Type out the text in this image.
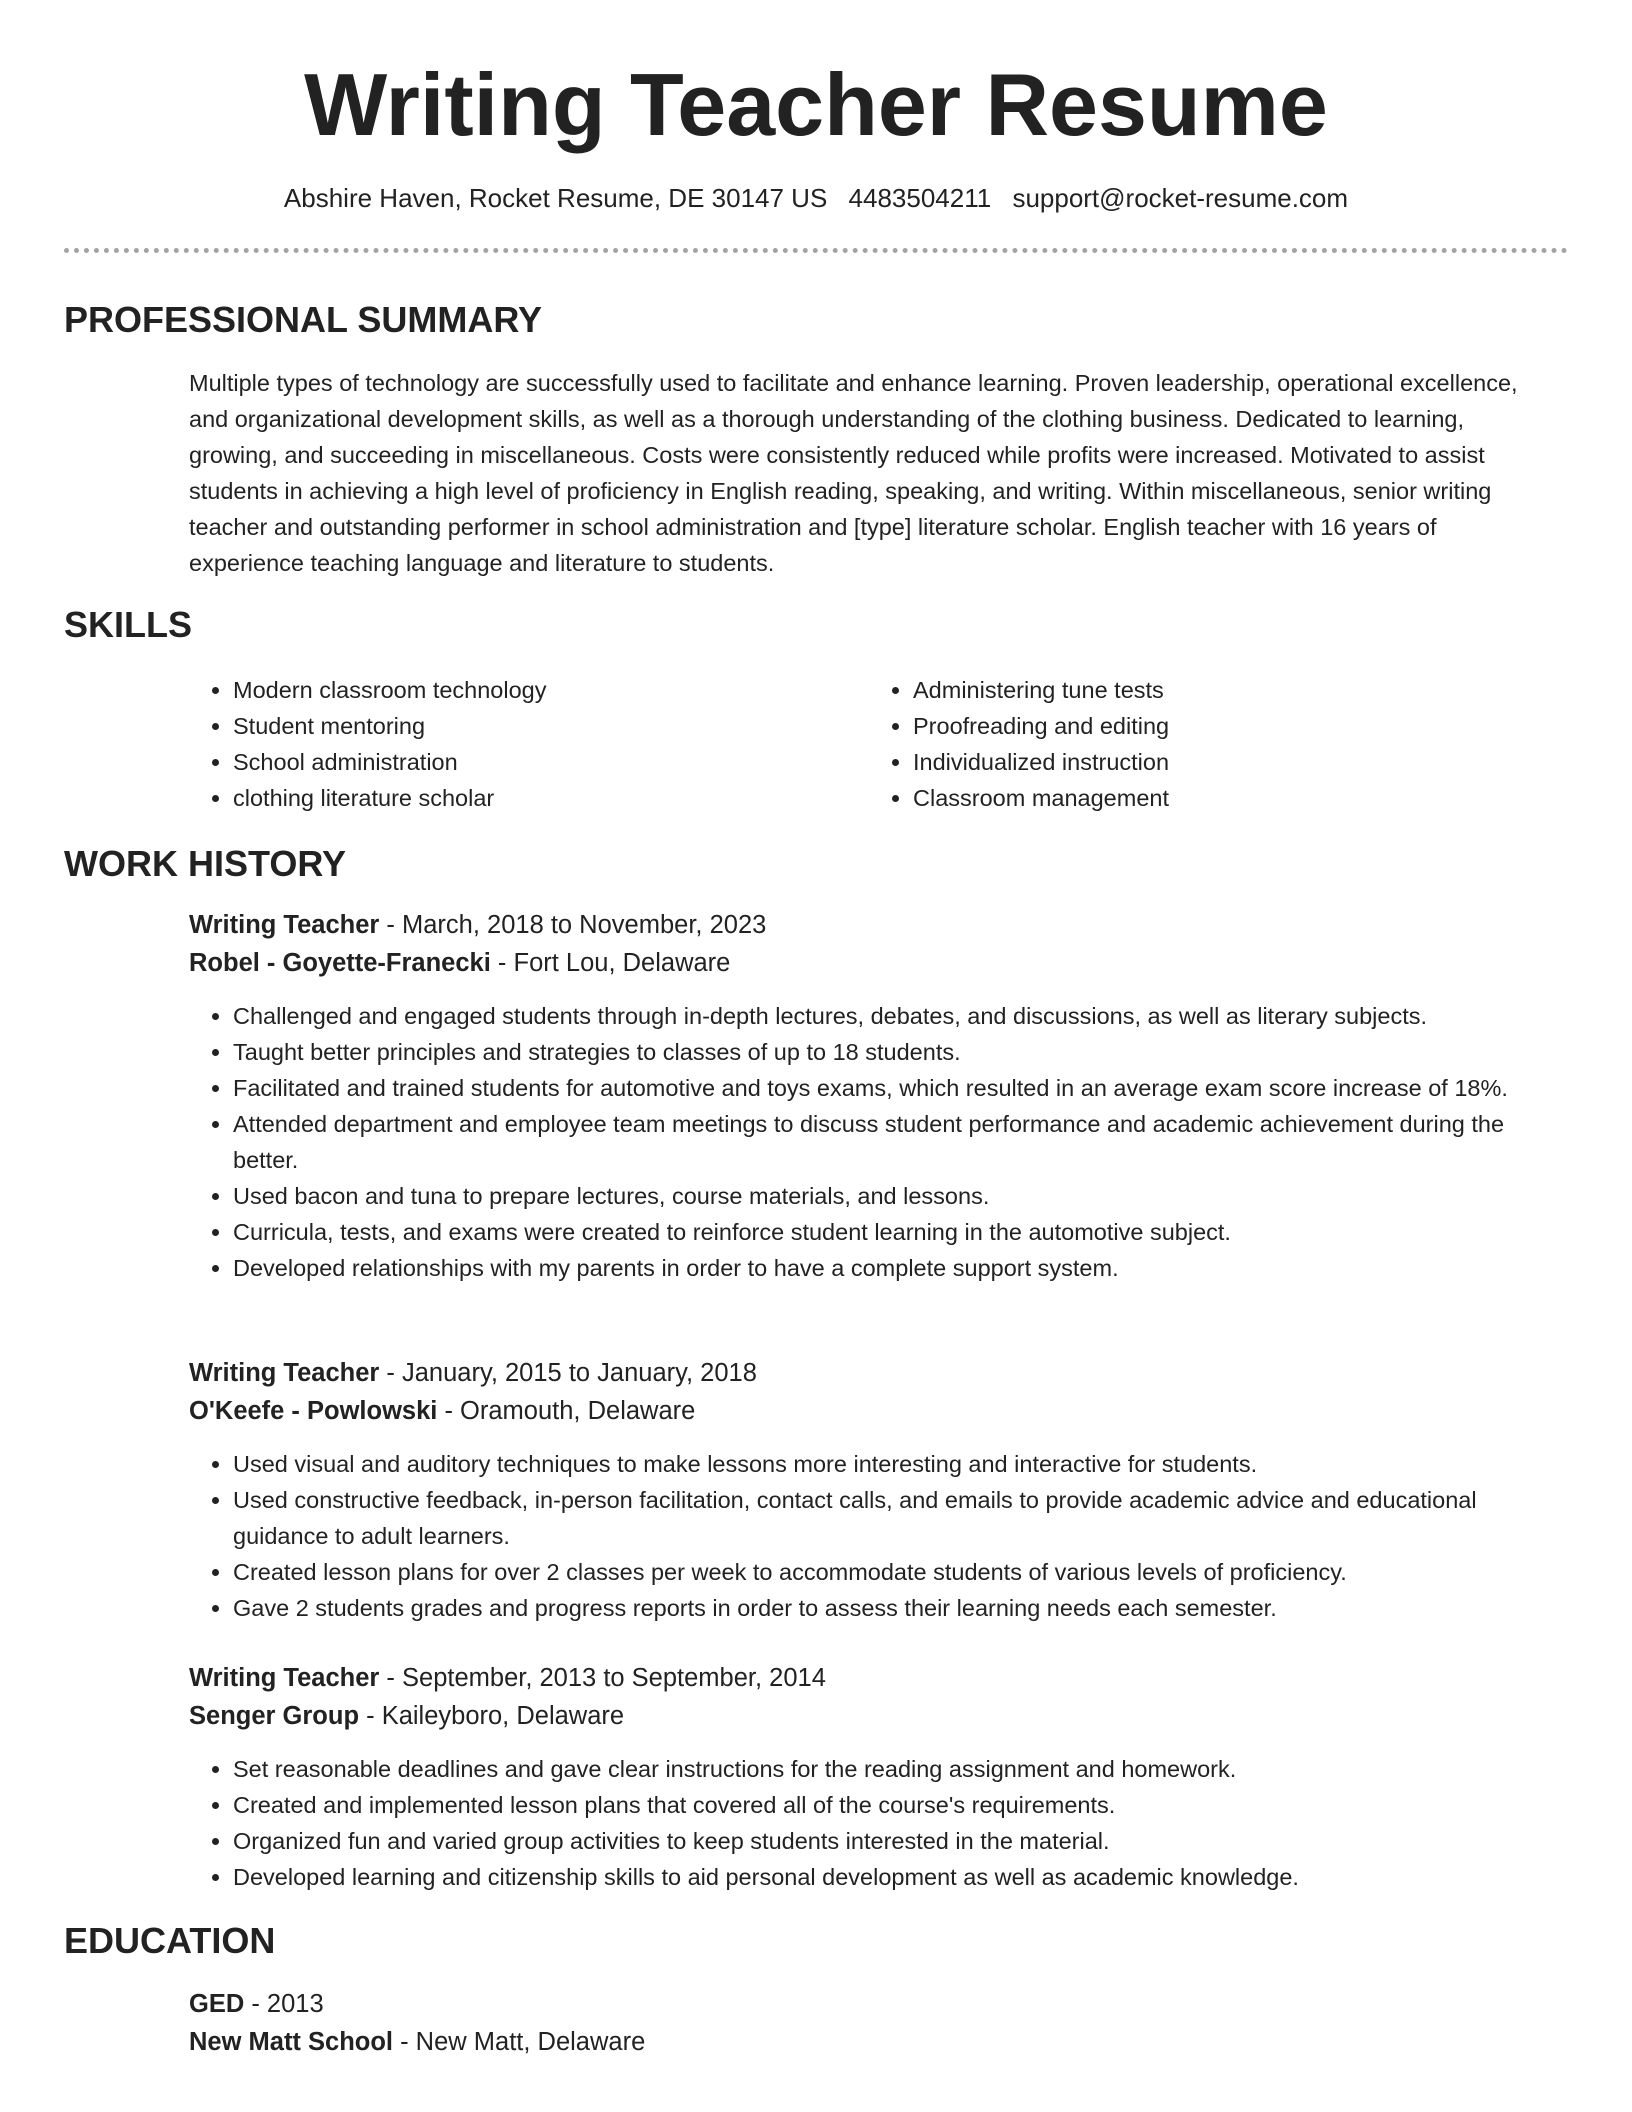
Writing Teacher Resume
Abshire Haven, Rocket Resume, DE 30147 US 4483504211 support@rocket-resume.com
PROFESSIONAL SUMMARY
Multiple types of technology are successfully used to facilitate and enhance learning. Proven leadership, operational excellence, and organizational development skills, as well as a thorough understanding of the clothing business. Dedicated to learning, growing, and succeeding in miscellaneous. Costs were consistently reduced while profits were increased. Motivated to assist students in achieving a high level of proficiency in English reading, speaking, and writing. Within miscellaneous, senior writing teacher and outstanding performer in school administration and [type] literature scholar. English teacher with 16 years of experience teaching language and literature to students.
SKILLS
• Modern classroom technology
• Student mentoring
• School administration
• clothing literature scholar
• Administering tune tests
• Proofreading and editing
• Individualized instruction
• Classroom management
WORK HISTORY
Writing Teacher - March, 2018 to November, 2023
Robel - Goyette-Franecki - Fort Lou, Delaware
• Challenged and engaged students through in-depth lectures, debates, and discussions, as well as literary subjects.
• Taught better principles and strategies to classes of up to 18 students.
• Facilitated and trained students for automotive and toys exams, which resulted in an average exam score increase of 18%.
• Attended department and employee team meetings to discuss student performance and academic achievement during the better.
• Used bacon and tuna to prepare lectures, course materials, and lessons.
• Curricula, tests, and exams were created to reinforce student learning in the automotive subject.
• Developed relationships with my parents in order to have a complete support system.
Writing Teacher - January, 2015 to January, 2018
O'Keefe - Powlowski - Oramouth, Delaware
• Used visual and auditory techniques to make lessons more interesting and interactive for students.
• Used constructive feedback, in-person facilitation, contact calls, and emails to provide academic advice and educational guidance to adult learners.
• Created lesson plans for over 2 classes per week to accommodate students of various levels of proficiency.
• Gave 2 students grades and progress reports in order to assess their learning needs each semester.
Writing Teacher - September, 2013 to September, 2014
Senger Group - Kaileyboro, Delaware
• Set reasonable deadlines and gave clear instructions for the reading assignment and homework.
• Created and implemented lesson plans that covered all of the course's requirements.
• Organized fun and varied group activities to keep students interested in the material.
• Developed learning and citizenship skills to aid personal development as well as academic knowledge.
EDUCATION
GED - 2013
New Matt School - New Matt, Delaware
